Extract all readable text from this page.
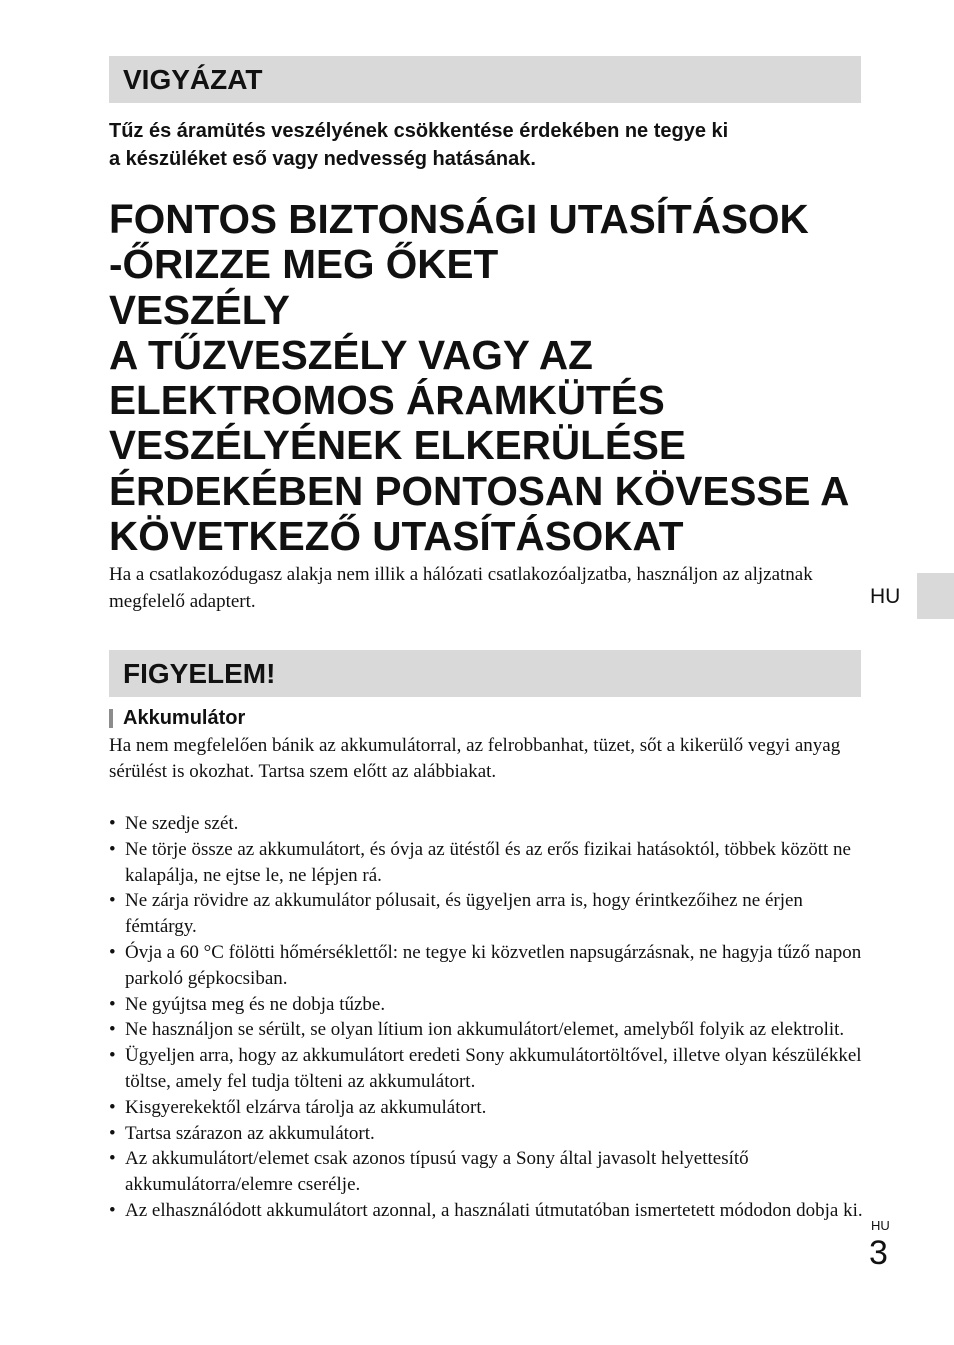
VIGYÁZAT
Tűz és áramütés veszélyének csökkentése érdekében ne tegye ki
a készüléket eső vagy nedvesség hatásának.
FONTOS BIZTONSÁGI UTASÍTÁSOK
-ŐRIZZE MEG ŐKET
VESZÉLY
A TŰZVESZÉLY VAGY AZ
ELEKTROMOS ÁRAMKÜTÉS
VESZÉLYÉNEK ELKERÜLÉSE
ÉRDEKÉBEN PONTOSAN KÖVESSE A
KÖVETKEZŐ UTASÍTÁSOKAT
Ha a csatlakozódugasz alakja nem illik a hálózati csatlakozóaljzatba, használjon az aljzatnak megfelelő adaptert.	HU
FIGYELEM!
Akkumulátor
Ha nem megfelelően bánik az akkumulátorral, az felrobbanhat, tüzet, sőt a kikerülő vegyi anyag sérülést is okozhat. Tartsa szem előtt az alábbiakat.
• Ne szedje szét.
• Ne törje össze az akkumulátort, és óvja az ütéstől és az erős fizikai hatásoktól, többek között ne kalapálja, ne ejtse le, ne lépjen rá.
• Ne zárja rövidre az akkumulátor pólusait, és ügyeljen arra is, hogy érintkezőihez ne érjen fémtárgy.
• Óvja a 60 °C fölötti hőmérséklettől: ne tegye ki közvetlen napsugárzásnak, ne hagyja tűző napon parkoló gépkocsiban.
• Ne gyújtsa meg és ne dobja tűzbe.
• Ne használjon se sérült, se olyan lítium ion akkumulátort/elemet, amelyből folyik az elektrolit.
• Ügyeljen arra, hogy az akkumulátort eredeti Sony akkumulátortöltővel, illetve olyan készülékkel töltse, amely fel tudja tölteni az akkumulátort.
• Kisgyerekektől elzárva tárolja az akkumulátort.
• Tartsa szárazon az akkumulátort.
• Az akkumulátort/elemet csak azonos típusú vagy a Sony által javasolt helyettesítő akkumulátorra/elemre cserélje.
• Az elhasználódott akkumulátort azonnal, a használati útmutatóban ismertetett módodon dobja ki.
HU
3
